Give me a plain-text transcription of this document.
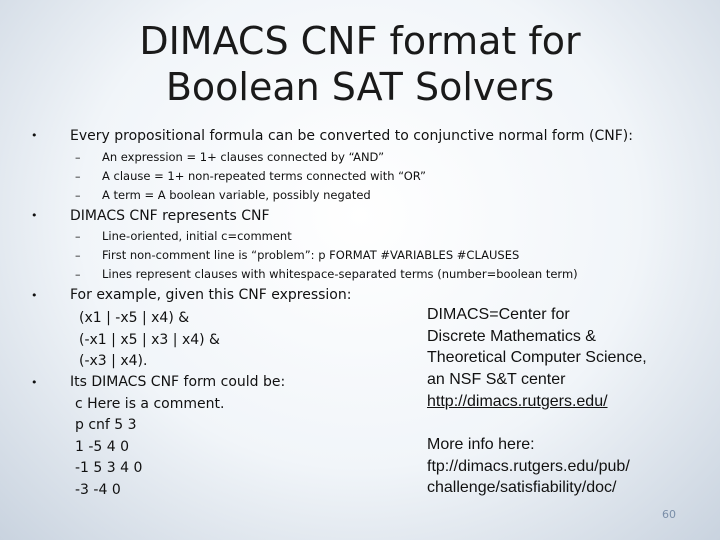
DIMACS CNF format for
Boolean SAT Solvers
• Every propositional formula can be converted to conjunctive normal form (CNF):
– An expression = 1+ clauses connected by “AND”
– A clause = 1+ non-repeated terms connected with “OR”
– A term = A boolean variable, possibly negated
• DIMACS CNF represents CNF
– Line-oriented, initial c=comment
– First non-comment line is “problem”: p FORMAT #VARIABLES #CLAUSES
– Lines represent clauses with whitespace-separated terms (number=boolean term)
• For example, given this CNF expression:
(x1 | -x5 | x4) &
(-x1 | x5 | x3 | x4) &
(-x3 | x4).
• Its DIMACS CNF form could be:
c Here is a comment.
p cnf 5 3
1 -5 4 0
-1 5 3 4 0
-3 -4 0
DIMACS=Center for
Discrete Mathematics &
Theoretical Computer Science,
an NSF S&T center
http://dimacs.rutgers.edu/
More info here:
ftp://dimacs.rutgers.edu/pub/
challenge/satisfiability/doc/
60
